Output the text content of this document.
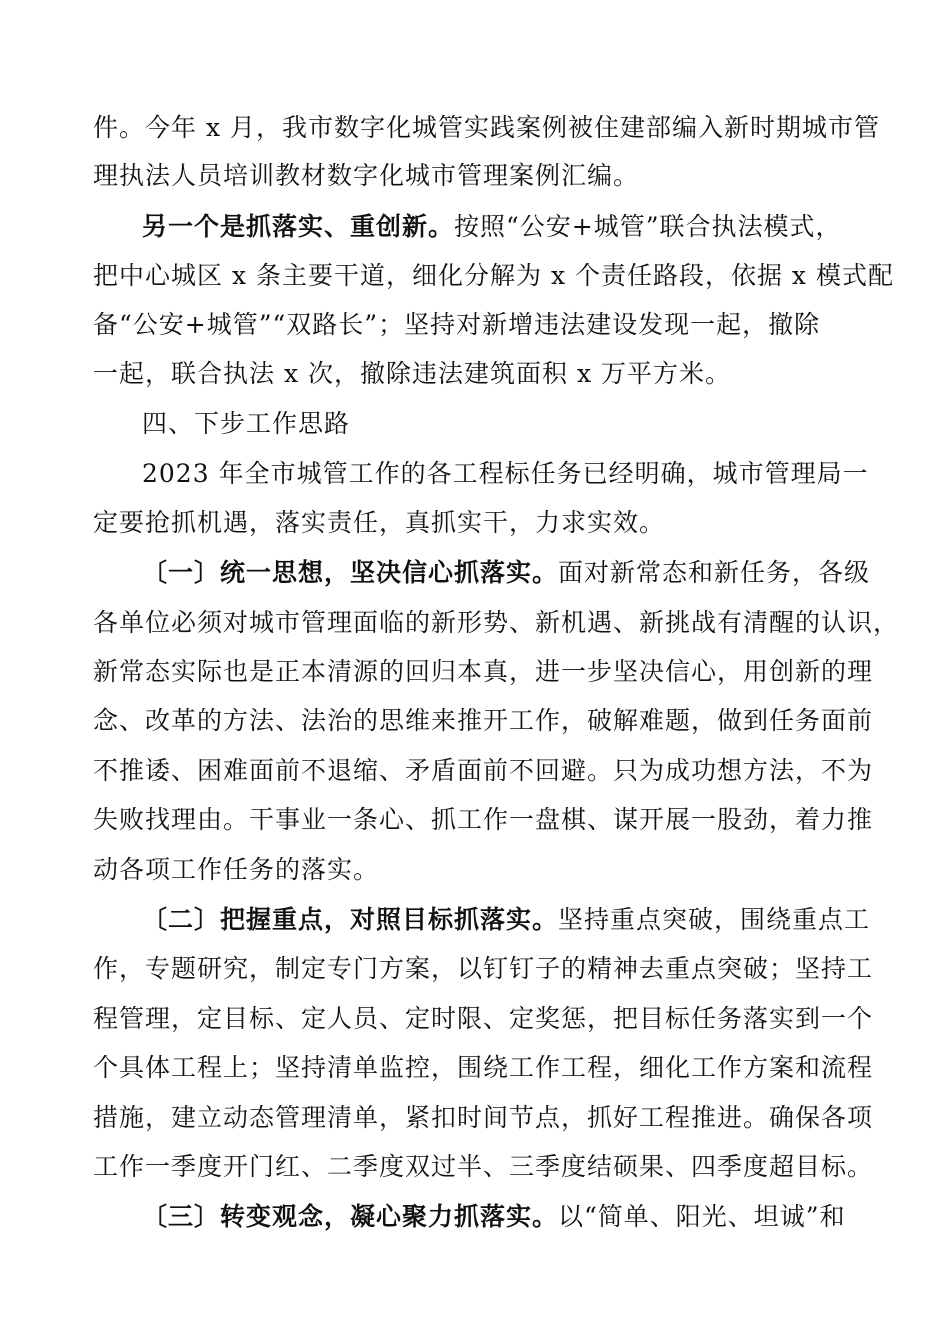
件。今年 x 月，我市数字化城管实践案例被住建部编入新时期城市管
理执法人员培训教材数字化城市管理案例汇编。
另一个是抓落实、重创新。按照“公安+城管”联合执法模式，
把中心城区 x 条主要干道，细化分解为 x 个责任路段，依据 x 模式配
备“公安+城管”“双路长”；坚持对新增违法建设发现一起，撤除
一起，联合执法 x 次，撤除违法建筑面积 x 万平方米。
四、下步工作思路
2023 年全市城管工作的各工程标任务已经明确，城市管理局一
定要抢抓机遇，落实责任，真抓实干，力求实效。
〔一〕统一思想，坚决信心抓落实。面对新常态和新任务，各级
各单位必须对城市管理面临的新形势、新机遇、新挑战有清醒的认识，
新常态实际也是正本清源的回归本真，进一步坚决信心，用创新的理
念、改革的方法、法治的思维来推开工作，破解难题，做到任务面前
不推诿、困难面前不退缩、矛盾面前不回避。只为成功想方法，不为
失败找理由。干事业一条心、抓工作一盘棋、谋开展一股劲，着力推
动各项工作任务的落实。
〔二〕把握重点，对照目标抓落实。坚持重点突破，围绕重点工
作，专题研究，制定专门方案，以钉钉子的精神去重点突破；坚持工
程管理，定目标、定人员、定时限、定奖惩，把目标任务落实到一个
个具体工程上；坚持清单监控，围绕工作工程，细化工作方案和流程
措施，建立动态管理清单，紧扣时间节点，抓好工程推进。确保各项
工作一季度开门红、二季度双过半、三季度结硕果、四季度超目标。
〔三〕转变观念，凝心聚力抓落实。以“简单、阳光、坦诚”和
